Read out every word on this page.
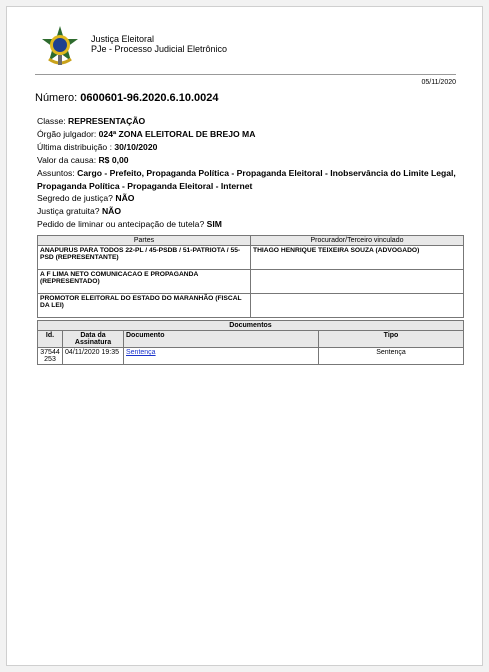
Justiça Eleitoral
PJe - Processo Judicial Eletrônico
05/11/2020
Número: 0600601-96.2020.6.10.0024
Classe: REPRESENTAÇÃO
Órgão julgador: 024ª ZONA ELEITORAL DE BREJO MA
Última distribuição : 30/10/2020
Valor da causa: R$ 0,00
Assuntos: Cargo - Prefeito, Propaganda Política - Propaganda Eleitoral - Inobservância do Limite Legal, Propaganda Política - Propaganda Eleitoral - Internet
Segredo de justiça? NÃO
Justiça gratuita? NÃO
Pedido de liminar ou antecipação de tutela? SIM
Partes	Procurador/Terceiro vinculado
ANAPURUS PARA TODOS 22-PL / 45-PSDB / 51-PATRIOTA / 55-PSD (REPRESENTANTE)	THIAGO HENRIQUE TEIXEIRA SOUZA (ADVOGADO)
A F LIMA NETO COMUNICACAO E PROPAGANDA (REPRESENTADO)	
PROMOTOR ELEITORAL DO ESTADO DO MARANHÃO (FISCAL DA LEI)	
Documentos			
Id.	Data da Assinatura	Documento	Tipo
37544 253	04/11/2020 19:35	Sentença	Sentença
